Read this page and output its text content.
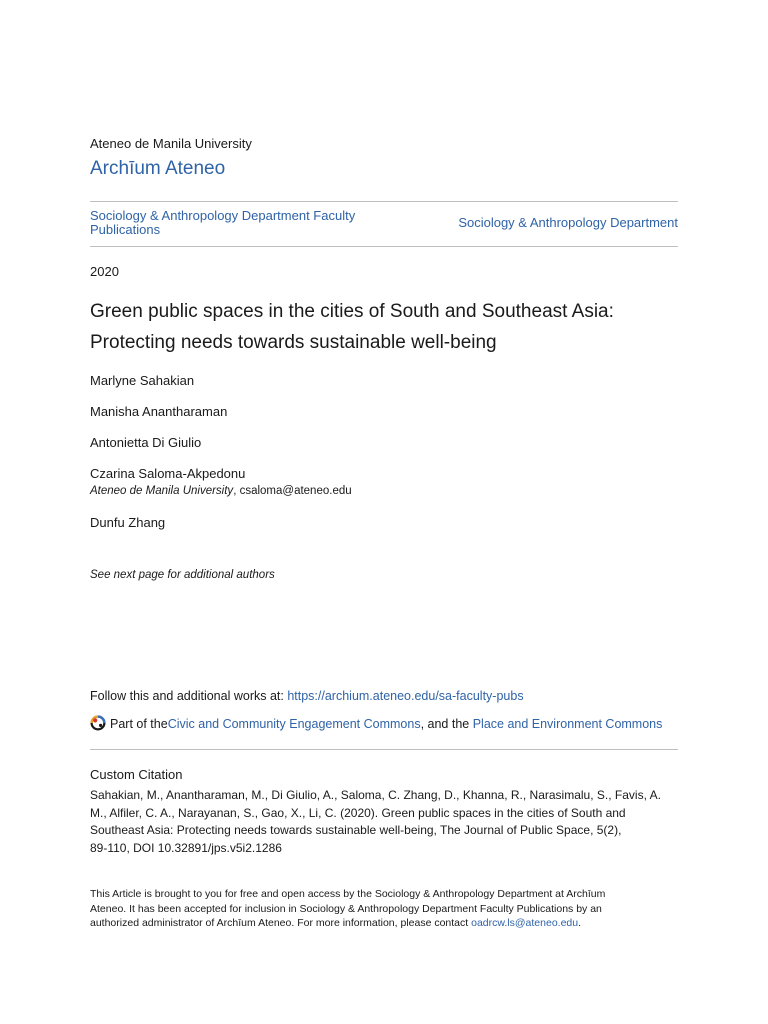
Ateneo de Manila University
Archīum Ateneo
Sociology & Anthropology Department Faculty Publications	Sociology & Anthropology Department
2020
Green public spaces in the cities of South and Southeast Asia:
Protecting needs towards sustainable well-being
Marlyne Sahakian
Manisha Anantharaman
Antonietta Di Giulio
Czarina Saloma-Akpedonu
Ateneo de Manila University, csaloma@ateneo.edu
Dunfu Zhang
See next page for additional authors
Follow this and additional works at: https://archium.ateneo.edu/sa-faculty-pubs
Part of the Civic and Community Engagement Commons , and the Place and Environment Commons
Custom Citation
Sahakian, M., Anantharaman, M., Di Giulio, A., Saloma, C. Zhang, D., Khanna, R., Narasimalu, S., Favis, A.
M., Alfiler, C. A., Narayanan, S., Gao, X., Li, C. (2020). Green public spaces in the cities of South and
Southeast Asia: Protecting needs towards sustainable well-being, The Journal of Public Space, 5(2),
89-110, DOI 10.32891/jps.v5i2.1286
This Article is brought to you for free and open access by the Sociology & Anthropology Department at Archīum
Ateneo. It has been accepted for inclusion in Sociology & Anthropology Department Faculty Publications by an
authorized administrator of Archīum Ateneo. For more information, please contact oadrcw.ls@ateneo.edu.
